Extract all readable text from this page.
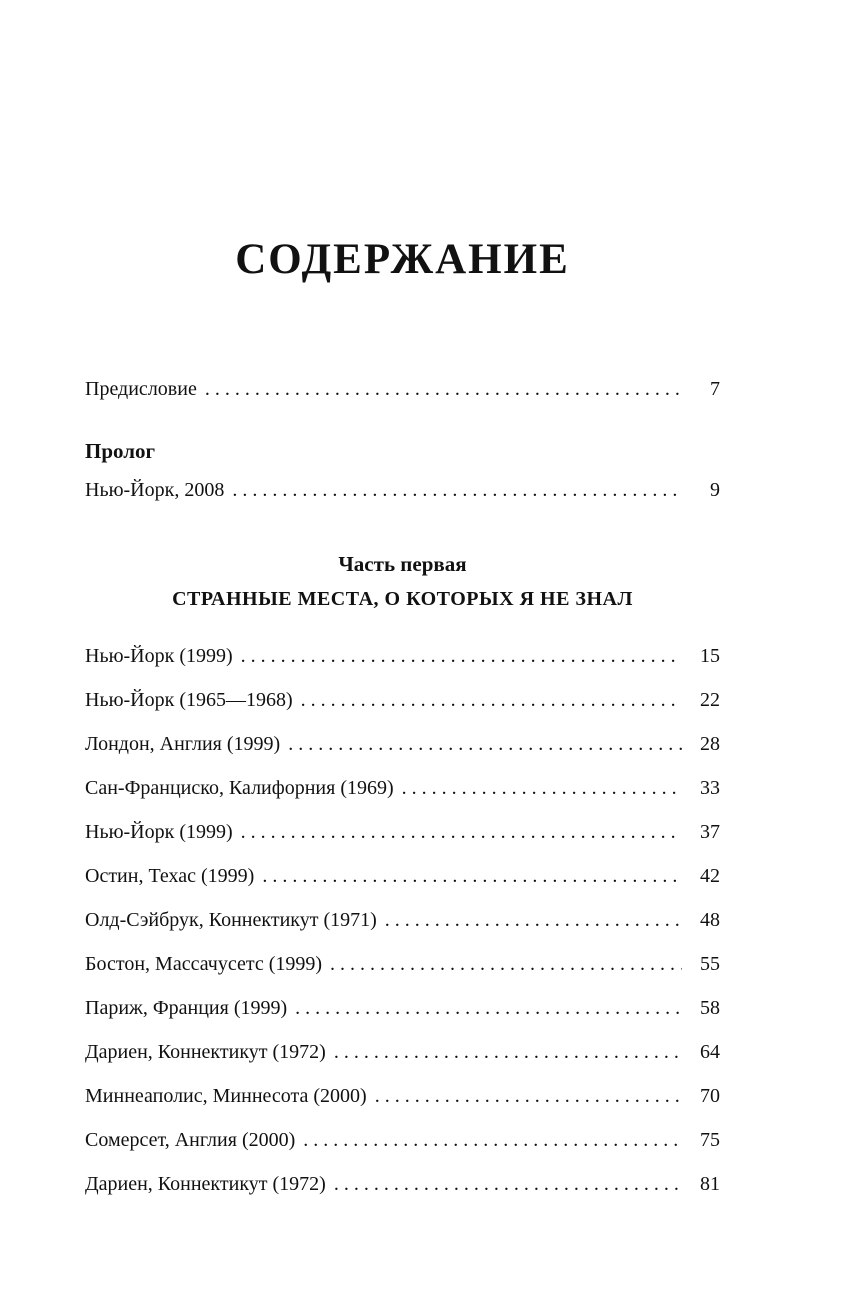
СОДЕРЖАНИЕ
Предисловие .....	7
Пролог
Нью-Йорк, 2008 .....	9
Часть первая
СТРАННЫЕ МЕСТА, О КОТОРЫХ Я НЕ ЗНАЛ
Нью-Йорк (1999) .....	15
Нью-Йорк (1965—1968) .....	22
Лондон, Англия (1999) .....	28
Сан-Франциско, Калифорния (1969) .....	33
Нью-Йорк (1999) .....	37
Остин, Техас (1999) .....	42
Олд-Сэйбрук, Коннектикут (1971) .....	48
Бостон, Массачусетс (1999) .....	55
Париж, Франция (1999) .....	58
Дариен, Коннектикут (1972) .....	64
Миннеаполис, Миннесота (2000) .....	70
Сомерсет, Англия (2000) .....	75
Дариен, Коннектикут (1972) .....	81
